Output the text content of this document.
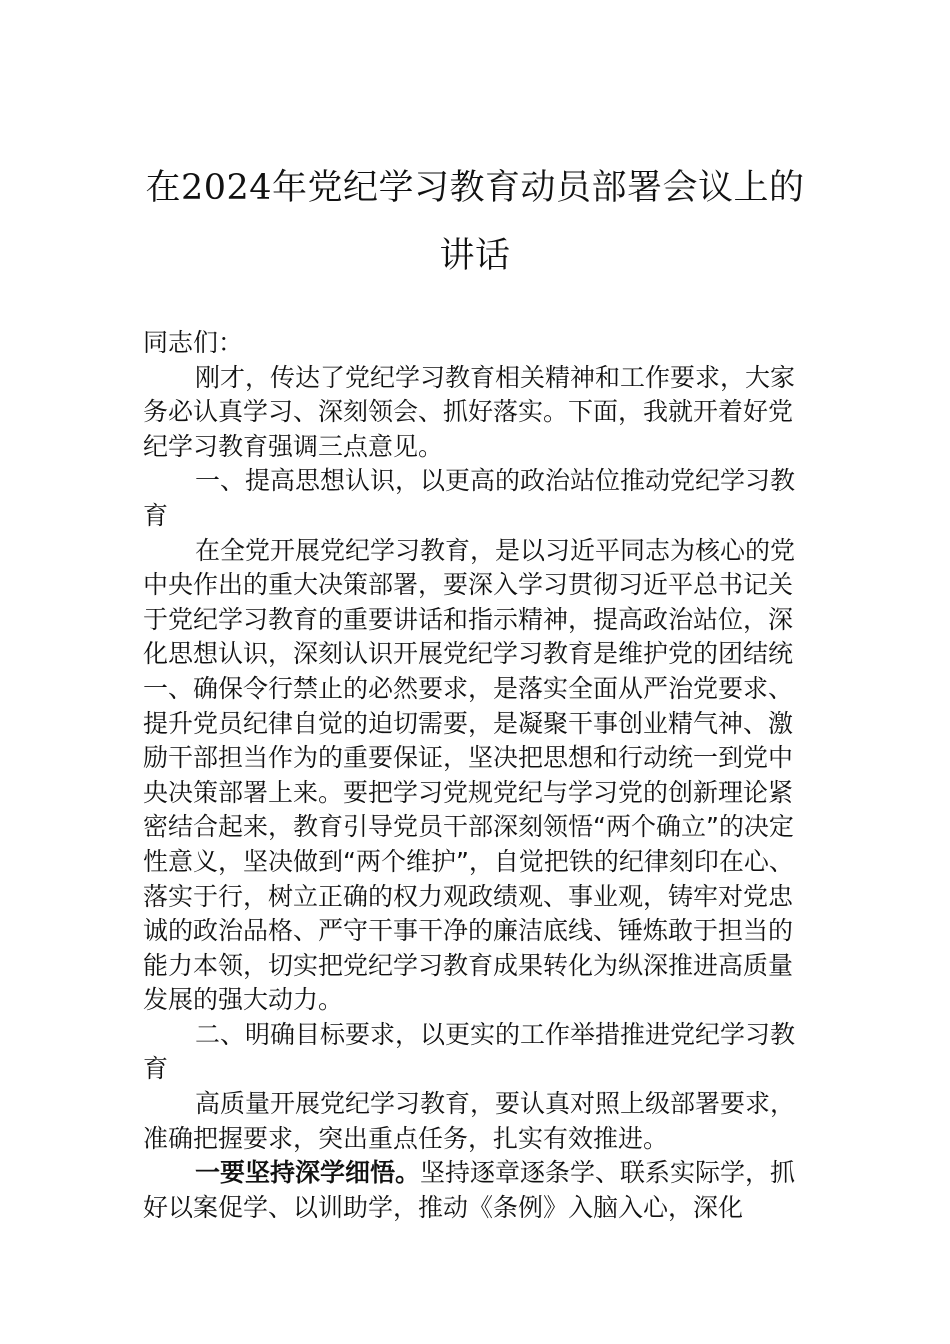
在2024年党纪学习教育动员部署会议上的
讲话

同志们：

刚才，传达了党纪学习教育相关精神和工作要求，大家务必认真学习、深刻领会、抓好落实。下面，我就开着好党纪学习教育强调三点意见。

一、提高思想认识，以更高的政治站位推动党纪学习教育

在全党开展党纪学习教育，是以习近平同志为核心的党中央作出的重大决策部署，要深入学习贯彻习近平总书记关于党纪学习教育的重要讲话和指示精神，提高政治站位，深化思想认识，深刻认识开展党纪学习教育是维护党的团结统一、确保令行禁止的必然要求，是落实全面从严治党要求、提升党员纪律自觉的迫切需要，是凝聚干事创业精气神、激励干部担当作为的重要保证，坚决把思想和行动统一到党中央决策部署上来。要把学习党规党纪与学习党的创新理论紧密结合起来，教育引导党员干部深刻领悟“两个确立”的决定性意义，坚决做到“两个维护”，自觉把铁的纪律刻印在心、落实于行，树立正确的权力观政绩观、事业观，铸牢对党忠诚的政治品格、严守干事干净的廉洁底线、锤炼敢于担当的能力本领，切实把党纪学习教育成果转化为纵深推进高质量发展的强大动力。

二、明确目标要求，以更实的工作举措推进党纪学习教育

高质量开展党纪学习教育，要认真对照上级部署要求，准确把握要求，突出重点任务，扎实有效推进。

一要坚持深学细悟。坚持逐章逐条学、联系实际学，抓好以案促学、以训助学，推动《条例》入脑入心，深化
